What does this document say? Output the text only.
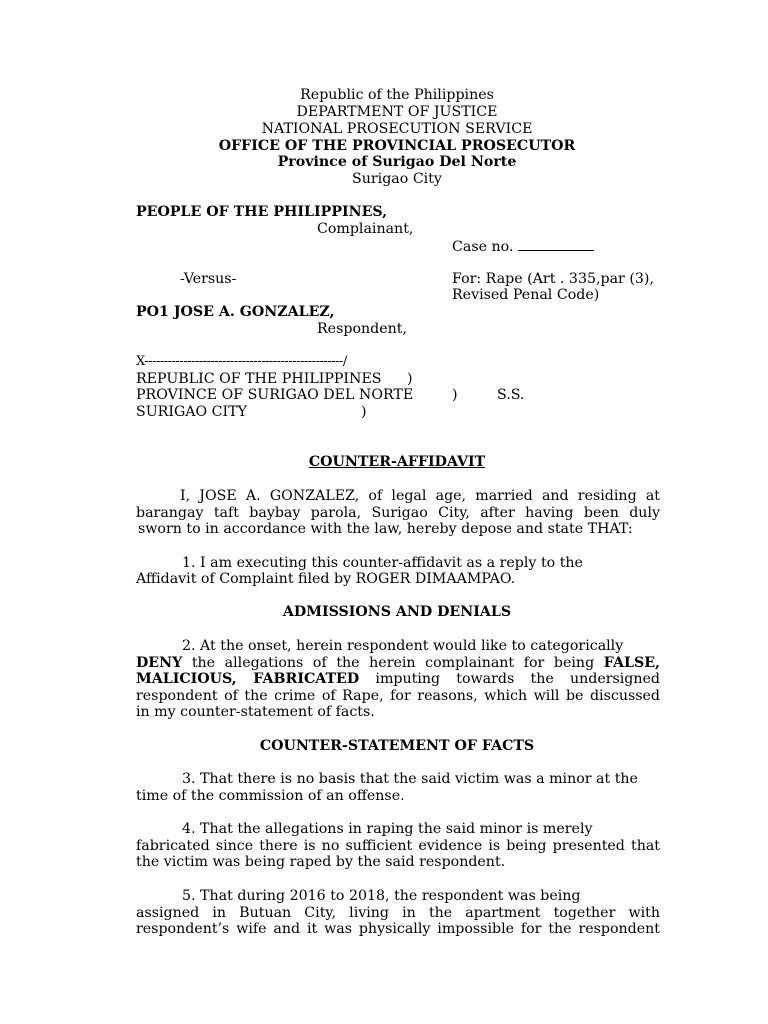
Republic of the Philippines
DEPARTMENT OF JUSTICE
NATIONAL PROSECUTION SERVICE
OFFICE OF THE PROVINCIAL PROSECUTOR
Province of Surigao Del Norte
Surigao City
PEOPLE OF THE PHILIPPINES,
Complainant,
Case no.
-Versus-	For: Rape (Art . 335,par (3),
Revised Penal Code)
PO1 JOSE A. GONZALEZ,
Respondent,
X---------------------------------------------------/
REPUBLIC OF THE PHILIPPINES )
PROVINCE OF SURIGAO DEL NORTE	)	S.S.
SURIGAO CITY	)
COUNTER-AFFIDAVIT
I, JOSE A. GONZALEZ, of legal age, married and residing at
barangay taft baybay parola, Surigao City, after having been duly
sworn to in accordance with the law, hereby depose and state THAT:
1. I am executing this counter-affidavit as a reply to the
Affidavit of Complaint filed by ROGER DIMAAMPAO.
ADMISSIONS AND DENIALS
2. At the onset, herein respondent would like to categorically
DENY the allegations of the herein complainant for being FALSE,
MALICIOUS, FABRICATED imputing towards the undersigned
respondent of the crime of Rape, for reasons, which will be discussed
in my counter-statement of facts.
COUNTER-STATEMENT OF FACTS
3. That there is no basis that the said victim was a minor at the
time of the commission of an offense.
4. That the allegations in raping the said minor is merely
fabricated since there is no sufficient evidence is being presented that
the victim was being raped by the said respondent.
5. That during 2016 to 2018, the respondent was being
assigned in Butuan City, living in the apartment together with
respondent’s wife and it was physically impossible for the respondent
